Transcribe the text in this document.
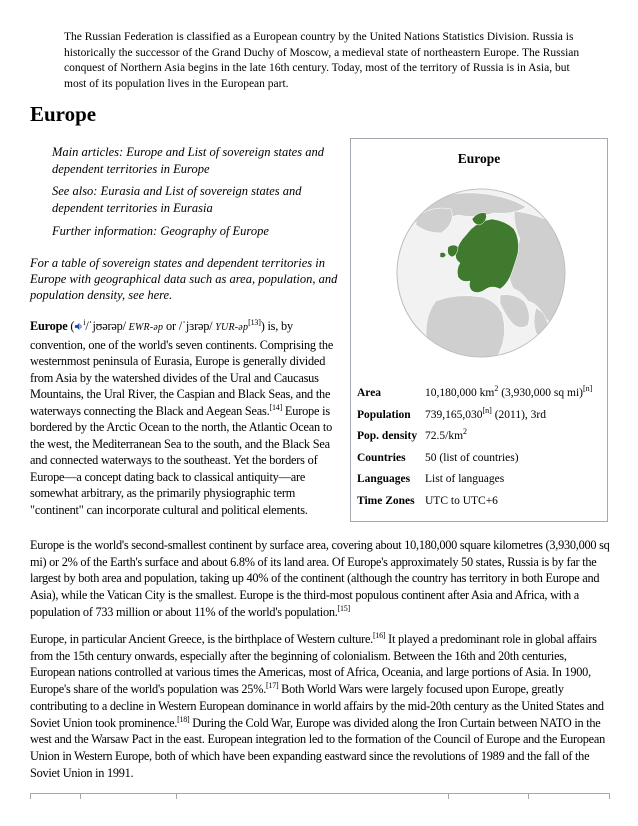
The Russian Federation is classified as a European country by the United Nations Statistics Division. Russia is historically the successor of the Grand Duchy of Moscow, a medieval state of northeastern Europe. The Russian conquest of Northern Asia begins in the late 16th century. Today, most of the territory of Russia is in Asia, but most of its population lives in the European part.
Europe
Main articles: Europe and List of sovereign states and dependent territories in Europe
See also: Eurasia and List of sovereign states and dependent territories in Eurasia
Further information: Geography of Europe
For a table of sovereign states and dependent territories in Europe with geographical data such as area, population, and population density, see here.
Europe ( $^i$/ˈjʊərəp/ EWR-əp or /ˈjɜrəp/ YUR-əp[13]) is, by convention, one of the world's seven continents. Comprising the westernmost peninsula of Eurasia, Europe is generally divided from Asia by the watershed divides of the Ural and Caucasus Mountains, the Ural River, the Caspian and Black Seas, and the waterways connecting the Black and Aegean Seas.[14] Europe is bordered by the Arctic Ocean to the north, the Atlantic Ocean to the west, the Mediterranean Sea to the south, and the Black Sea and connected waterways to the southeast. Yet the borders of Europe—a concept dating back to classical antiquity—are somewhat arbitrary, as the primarily physiographic term "continent" can incorporate cultural and political elements.
Europe
Area	10,180,000 $km^2$ (3,930,000 sq mi)[n]
Population 739,165,030[n] (2011), 3rd
Pop. density $72.5/km^2$
Countries 50 (list of countries)
Languages List of languages
Time Zones UTC to UTC+6
Europe is the world's second-smallest continent by surface area, covering about 10,180,000 square kilometres (3,930,000 sq mi) or 2% of the Earth's surface and about 6.8% of its land area. Of Europe's approximately 50 states, Russia is by far the largest by both area and population, taking up 40% of the continent (although the country has territory in both Europe and Asia), while the Vatican City is the smallest. Europe is the third-most populous continent after Asia and Africa, with a population of 733 million or about 11% of the world's population.[15]
Europe, in particular Ancient Greece, is the birthplace of Western culture.[16] It played a predominant role in global affairs from the 15th century onwards, especially after the beginning of colonialism. Between the 16th and 20th centuries, European nations controlled at various times the Americas, most of Africa, Oceania, and large portions of Asia. In 1900, Europe's share of the world's population was 25%.[17] Both World Wars were largely focused upon Europe, greatly contributing to a decline in Western European dominance in world affairs by the mid-20th century as the United States and Soviet Union took prominence.[18] During the Cold War, Europe was divided along the Iron Curtain between NATO in the west and the Warsaw Pact in the east. European integration led to the formation of the Council of Europe and the European Union in Western Europe, both of which have been expanding eastward since the revolutions of 1989 and the fall of the Soviet Union in 1991.
